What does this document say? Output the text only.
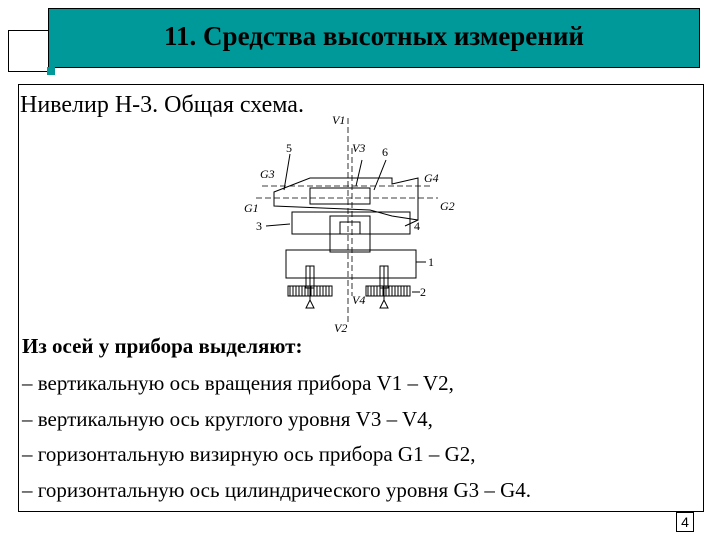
11. Средства высотных измерений
Нивелир Н-3. Общая схема.
V1
5	V3 6
G3	G4
G1	G2
3	4
1
2
V4
V2
Из осей у прибора выделяют:
– вертикальную ось вращения прибора V1 – V2,
– вертикальную ось круглого уровня V3 – V4,
– горизонтальную визирную ось прибора G1 – G2,
– горизонтальную ось цилиндрического уровня G3 – G4.
4
